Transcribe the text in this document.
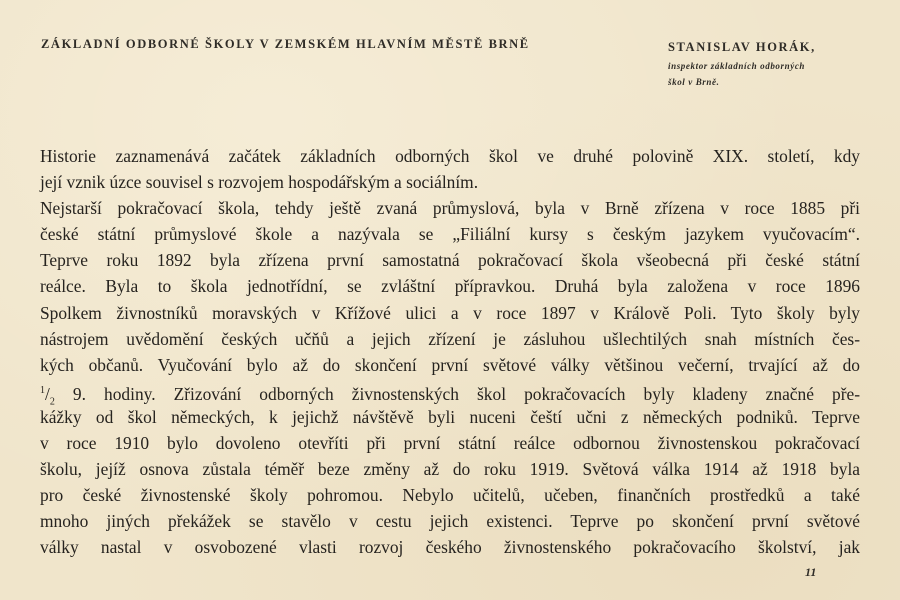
ZÁKLADNÍ ODBORNÉ ŠKOLY V ZEMSKÉM HLAVNÍM MĚSTĚ BRNĚ	STANISLAV HORÁK,
inspektor základních odborných
škol v Brně.
Historie zaznamenává začátek základních odborných škol ve druhé polovině XIX. století, kdy
její vznik úzce souvisel s rozvojem hospodářským a sociálním.
Nejstarší pokračovací škola, tehdy ještě zvaná průmyslová, byla v Brně zřízena v roce 1885 při
české státní průmyslové škole a nazývala se „Filiální kursy s českým jazykem vyučovacím“.
Teprve roku 1892 byla zřízena první samostatná pokračovací škola všeobecná při české státní
reálce. Byla to škola jednotřídní, se zvláštní přípravkou. Druhá byla založena v roce 1896
Spolkem živnostníků moravských v Křížové ulici a v roce 1897 v Králově Poli. Tyto školy byly
nástrojem uvědomění českých učňů a jejich zřízení je zásluhou ušlechtilých snah místních čes-
kých občanů. Vyučování bylo až do skončení první světové války většinou večerní, trvající až do
$^1/_2$ 9. hodiny. Zřizování odborných živnostenských škol pokračovacích byly kladeny značné pře-
kážky od škol německých, k jejichž návštěvě byli nuceni čeští učni z německých podniků. Teprve
v roce 1910 bylo dovoleno otevříti při první státní reálce odbornou živnostenskou pokračovací
školu, jejíž osnova zůstala téměř beze změny až do roku 1919. Světová válka 1914 až 1918 byla
pro české živnostenské školy pohromou. Nebylo učitelů, učeben, finančních prostředků a také
mnoho jiných překážek se stavělo v cestu jejich existenci. Teprve po skončení první světové
války nastal v osvobozené vlasti rozvoj českého živnostenského pokračovacího školství, jak
11
